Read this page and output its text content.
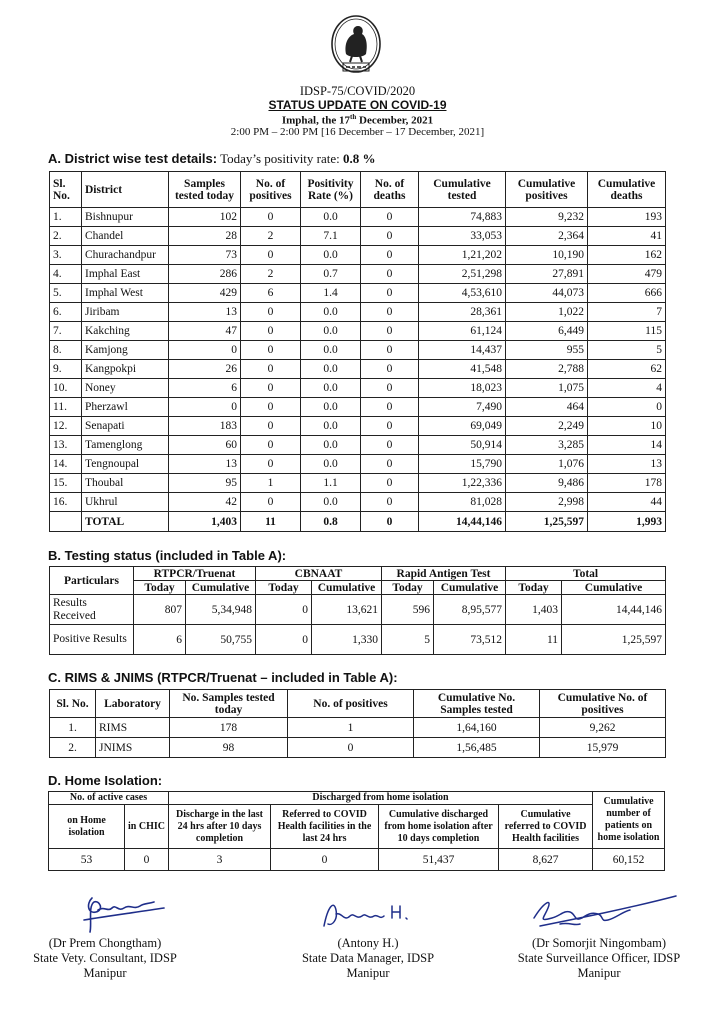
IDSP-75/COVID/2020
STATUS UPDATE ON COVID-19
Imphal, the 17th December, 2021
2:00 PM – 2:00 PM [16 December – 17 December, 2021]
A. District wise test details: Today’s positivity rate: 0.8 %
Sl. No.	District	Samples tested today	No. of positives	Positivity Rate (%)	No. of deaths	Cumulative tested	Cumulative positives	Cumulative deaths
1.	Bishnupur	102	0	0.0	0	74,883	9,232	193
2.	Chandel	28	2	7.1	0	33,053	2,364	41
3.	Churachandpur	73	0	0.0	0	1,21,202	10,190	162
4.	Imphal East	286	2	0.7	0	2,51,298	27,891	479
5.	Imphal West	429	6	1.4	0	4,53,610	44,073	666
6.	Jiribam	13	0	0.0	0	28,361	1,022	7
7.	Kakching	47	0	0.0	0	61,124	6,449	115
8.	Kamjong	0	0	0.0	0	14,437	955	5
9.	Kangpokpi	26	0	0.0	0	41,548	2,788	62
10.	Noney	6	0	0.0	0	18,023	1,075	4
11.	Pherzawl	0	0	0.0	0	7,490	464	0
12.	Senapati	183	0	0.0	0	69,049	2,249	10
13.	Tamenglong	60	0	0.0	0	50,914	3,285	14
14.	Tengnoupal	13	0	0.0	0	15,790	1,076	13
15.	Thoubal	95	1	1.1	0	1,22,336	9,486	178
16.	Ukhrul	42	0	0.0	0	81,028	2,998	44
	TOTAL	1,403	11	0.8	0	14,44,146	1,25,597	1,993
B. Testing status (included in Table A):
Particulars	RTPCR/Truenat		CBNAAT		Rapid Antigen Test		Total	
	Today	Cumulative	Today	Cumulative	Today	Cumulative	Today	Cumulative
Results Received	807	5,34,948	0	13,621	596	8,95,577	1,403	14,44,146
Positive Results	6	50,755	0	1,330	5	73,512	11	1,25,597
C. RIMS & JNIMS (RTPCR/Truenat – included in Table A):
Sl. No.	Laboratory	No. Samples tested today	No. of positives	Cumulative No. Samples tested	Cumulative No. of positives
1.	RIMS	178	1	1,64,160	9,262
2.	JNIMS	98	0	1,56,485	15,979
D. Home Isolation:
No. of active cases		Discharged from home isolation				Cumulative number of patients on home isolation
on Home isolation	in CHIC	Discharge in the last 24 hrs after 10 days completion	Referred to COVID Health facilities in the last 24 hrs	Cumulative discharged from home isolation after 10 days completion	Cumulative referred to COVID Health facilities	
53	0	3	0	51,437	8,627	60,152
(Dr Prem Chongtham)
State Vety. Consultant, IDSP
Manipur
(Antony H.)
State Data Manager, IDSP
Manipur
(Dr Somorjit Ningombam)
State Surveillance Officer, IDSP
Manipur
